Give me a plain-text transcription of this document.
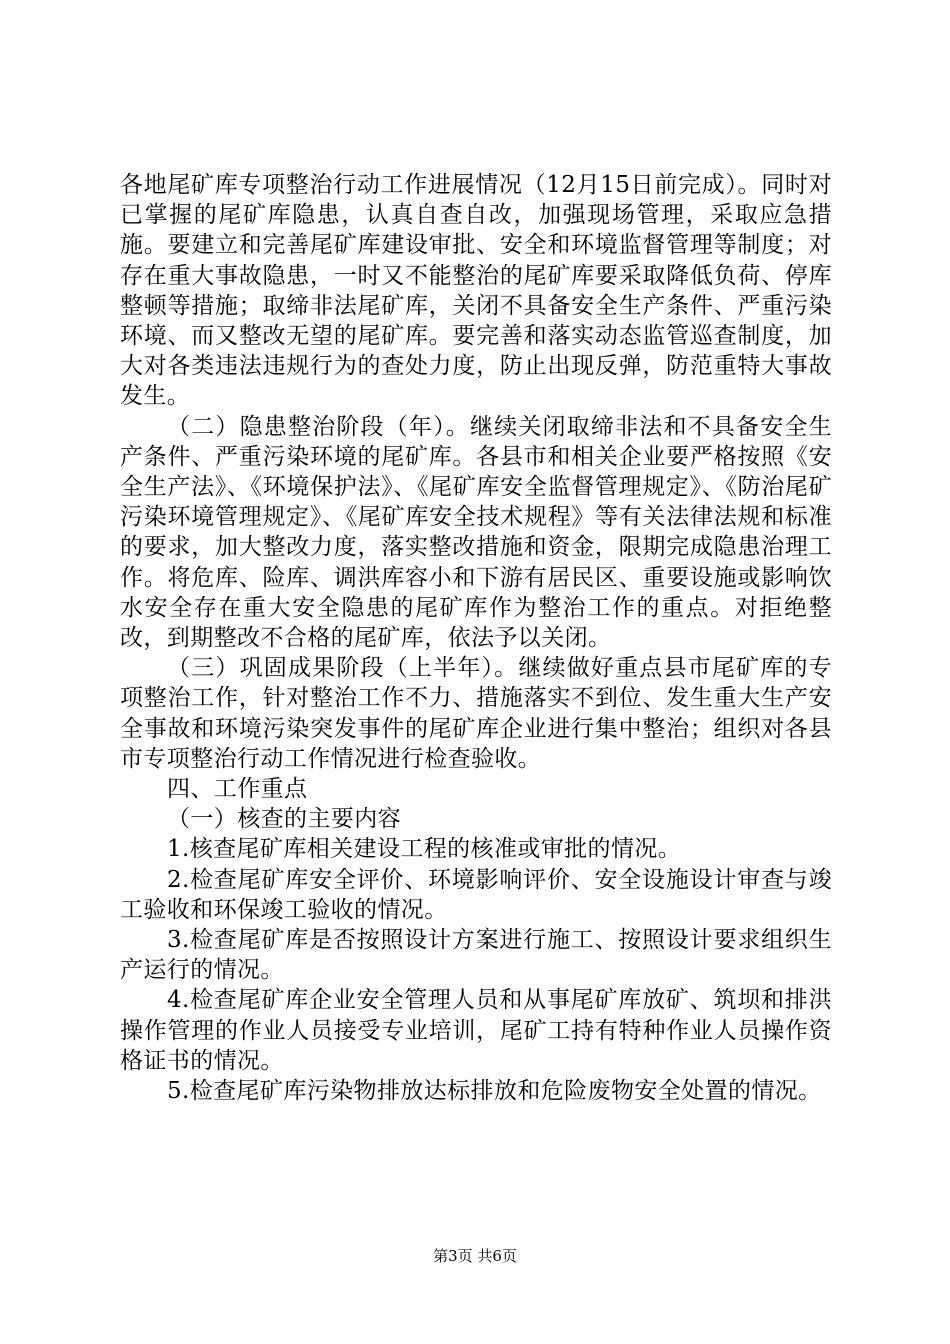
各地尾矿库专项整治行动工作进展情况（12月15日前完成）。同时对已掌握的尾矿库隐患，认真自查自改，加强现场管理，采取应急措施。要建立和完善尾矿库建设审批、安全和环境监督管理等制度；对存在重大事故隐患，一时又不能整治的尾矿库要采取降低负荷、停库整顿等措施；取缔非法尾矿库，关闭不具备安全生产条件、严重污染环境、而又整改无望的尾矿库。要完善和落实动态监管巡查制度，加大对各类违法违规行为的查处力度，防止出现反弹，防范重特大事故发生。

（二）隐患整治阶段（年）。继续关闭取缔非法和不具备安全生产条件、严重污染环境的尾矿库。各县市和相关企业要严格按照《安全生产法》、《环境保护法》、《尾矿库安全监督管理规定》、《防治尾矿污染环境管理规定》、《尾矿库安全技术规程》等有关法律法规和标准的要求，加大整改力度，落实整改措施和资金，限期完成隐患治理工作。将危库、险库、调洪库容小和下游有居民区、重要设施或影响饮水安全存在重大安全隐患的尾矿库作为整治工作的重点。对拒绝整改，到期整改不合格的尾矿库，依法予以关闭。

（三）巩固成果阶段（上半年）。继续做好重点县市尾矿库的专项整治工作，针对整治工作不力、措施落实不到位、发生重大生产安全事故和环境污染突发事件的尾矿库企业进行集中整治；组织对各县市专项整治行动工作情况进行检查验收。

四、工作重点

（一）核查的主要内容

1.核查尾矿库相关建设工程的核准或审批的情况。

2.检查尾矿库安全评价、环境影响评价、安全设施设计审查与竣工验收和环保竣工验收的情况。

3.检查尾矿库是否按照设计方案进行施工、按照设计要求组织生产运行的情况。

4.检查尾矿库企业安全管理人员和从事尾矿库放矿、筑坝和排洪操作管理的作业人员接受专业培训，尾矿工持有特种作业人员操作资格证书的情况。

5.检查尾矿库污染物排放达标排放和危险废物安全处置的情况。

第3页 共6页
